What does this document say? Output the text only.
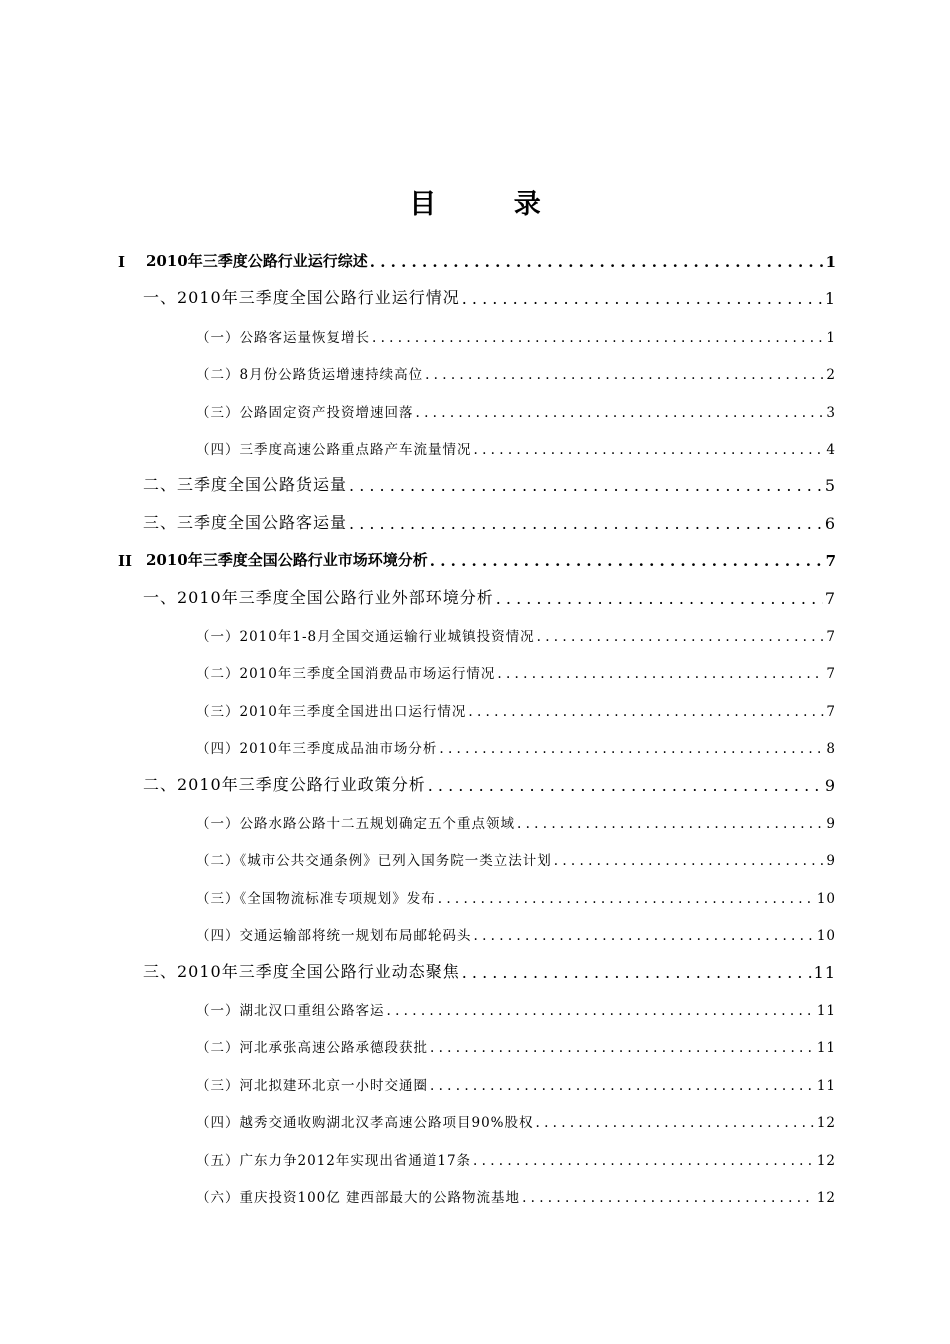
目 录
I	2010年三季度公路行业运行综述 . . .	1
一、2010年三季度全国公路行业运行情况 . . .	1
（一）公路客运量恢复增长 . . .	1
（二）8月份公路货运增速持续高位 . . .	2
（三）公路固定资产投资增速回落 . . .	3
（四）三季度高速公路重点路产车流量情况 . . .	4
二、三季度全国公路货运量 . . .	5
三、三季度全国公路客运量 . . .	6
II 2010年三季度全国公路行业市场环境分析 . . .	7
一、2010年三季度全国公路行业外部环境分析 . . .	7
（一）2010年1-8月全国交通运输行业城镇投资情况 . . .	7
（二）2010年三季度全国消费品市场运行情况 . . .	7
（三）2010年三季度全国进出口运行情况 . . .	7
（四）2010年三季度成品油市场分析 . . .	8
二、2010年三季度公路行业政策分析 . . .	9
（一）公路水路公路十二五规划确定五个重点领域 . . .	9
（二）《城市公共交通条例》已列入国务院一类立法计划 . . .	9
（三）《全国物流标准专项规划》发布 . . .	10
（四）交通运输部将统一规划布局邮轮码头 . . .	10
三、2010年三季度全国公路行业动态聚焦 . . .	11
（一）湖北汉口重组公路客运 . . .	11
（二）河北承张高速公路承德段获批 . . .	11
（三）河北拟建环北京一小时交通圈 . . .	11
（四）越秀交通收购湖北汉孝高速公路项目90%股权 . . .	12
（五）广东力争2012年实现出省通道17条 . . .	12
（六）重庆投资100亿 建西部最大的公路物流基地 . . .	12
